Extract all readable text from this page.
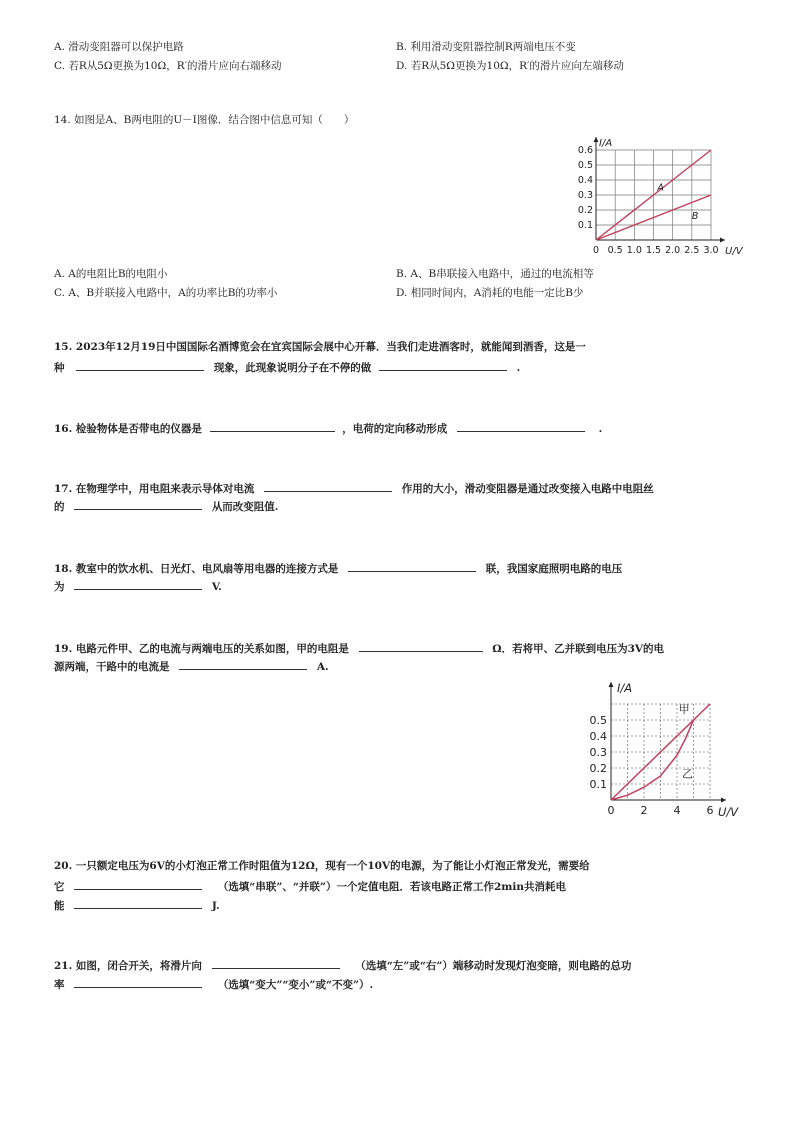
A. 滑动变阻器可以保护电路	B. 利用滑动变阻器控制R两端电压不变
C. 若R从5Ω更换为10Ω，R′的滑片应向右端移动	D. 若R从5Ω更换为10Ω，R′的滑片应向左端移动
14. 如图是A、B两电阻的U－I图像．结合图中信息可知（　　）
0 0.5 1.0 1.5 2.0 2.5 3.0
0.1
0.2
0.3
0.4
0.5
0.6
I/A
U/V
A
B
A. A的电阻比B的电阻小	B. A、B串联接入电路中，通过的电流相等
C. A、B并联接入电路中，A的功率比B的功率小	D. 相同时间内，A消耗的电能一定比B少
15. 2023年12月19日中国国际名酒博览会在宜宾国际会展中心开幕．当我们走进酒客时，就能闻到酒香，这是一
种	现象，此现象说明分子在不停的做	.
16. 检验物体是否带电的仪器是	，电荷的定向移动形成	.
17. 在物理学中，用电阻来表示导体对电流	作用的大小，滑动变阻器是通过改变接入电路中电阻丝
的	从而改变阻值.
18. 教室中的饮水机、日光灯、电风扇等用电器的连接方式是	联，我国家庭照明电路的电压
为	V.
19. 电路元件甲、乙的电流与两端电压的关系如图，甲的电阻是	Ω．若将甲、乙并联到电压为3V的电
源两端，干路中的电流是	A.
0 2 4 6
0.1
0.2
0.3
0.4
0.5
I/A
U/V
甲
乙
20. 一只额定电压为6V的小灯泡正常工作时阻值为12Ω，现有一个10V的电源，为了能让小灯泡正常发光，需要给
它	（选填“串联”、“并联”）一个定值电阻．若该电路正常工作2min共消耗电
能	J.
21. 如图，闭合开关，将滑片向	（选填“左”或“右”）端移动时发现灯泡变暗，则电路的总功
率	（选填“变大”“变小”或“不变”）.
